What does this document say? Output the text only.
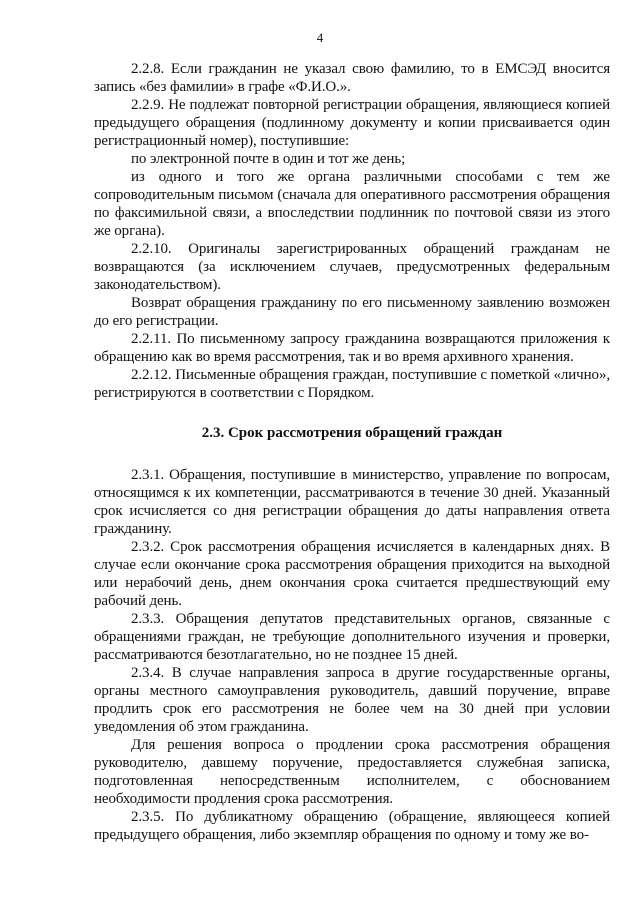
4

2.2.8. Если гражданин не указал свою фамилию, то в ЕМСЭД вносится запись «без фамилии» в графе «Ф.И.О.».

2.2.9. Не подлежат повторной регистрации обращения, являющиеся копией предыдущего обращения (подлинному документу и копии присваивается один регистрационный номер), поступившие:

по электронной почте в один и тот же день;

из одного и того же органа различными способами с тем же сопроводительным письмом (сначала для оперативного рассмотрения обращения по факсимильной связи, а впоследствии подлинник по почтовой связи из этого же органа).

2.2.10. Оригиналы зарегистрированных обращений гражданам не возвращаются (за исключением случаев, предусмотренных федеральным законодательством).

Возврат обращения гражданину по его письменному заявлению возможен до его регистрации.

2.2.11. По письменному запросу гражданина возвращаются приложения к обращению как во время рассмотрения, так и во время архивного хранения.

2.2.12. Письменные обращения граждан, поступившие с пометкой «лично», регистрируются в соответствии с Порядком.

2.3. Срок рассмотрения обращений граждан

2.3.1. Обращения, поступившие в министерство, управление по вопросам, относящимся к их компетенции, рассматриваются в течение 30 дней. Указанный срок исчисляется со дня регистрации обращения до даты направления ответа гражданину.

2.3.2. Срок рассмотрения обращения исчисляется в календарных днях. В случае если окончание срока рассмотрения обращения приходится на выходной или нерабочий день, днем окончания срока считается предшествующий ему рабочий день.

2.3.3. Обращения депутатов представительных органов, связанные с обращениями граждан, не требующие дополнительного изучения и проверки, рассматриваются безотлагательно, но не позднее 15 дней.

2.3.4. В случае направления запроса в другие государственные органы, органы местного самоуправления руководитель, давший поручение, вправе продлить срок его рассмотрения не более чем на 30 дней при условии уведомления об этом гражданина.

Для решения вопроса о продлении срока рассмотрения обращения руководителю, давшему поручение, предоставляется служебная записка, подготовленная непосредственным исполнителем, с обоснованием необходимости продления срока рассмотрения.

2.3.5. По дубликатному обращению (обращение, являющееся копией предыдущего обращения, либо экземпляр обращения по одному и тому же во-
